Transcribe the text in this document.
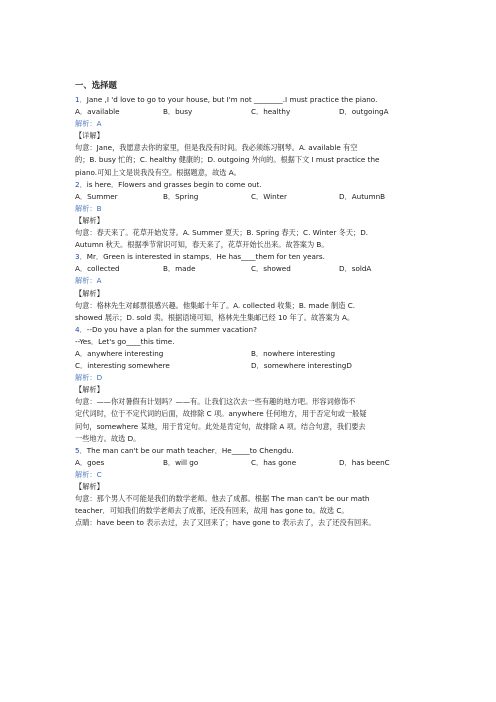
一、选择题
1．Jane ,I 'd love to go to your house, but I'm not ________.I must practice the piano.
A．available	B．busy	C．healthy	D．outgoingA
解析：A
【详解】
句意：Jane，我愿意去你的家里，但是我没有时间。我必须练习钢琴。A. available 有空
的；B. busy 忙的；C. healthy 健康的；D. outgoing 外向的。根据下文 I must practice the
piano.可知上文是说我没有空。根据题意，故选 A。
2．is here．Flowers and grasses begin to come out.
A．Summer	B．Spring	C．Winter	D．AutumnB
解析：B
【解析】
句意：春天来了。花草开始发芽。A. Summer 夏天；B. Spring 春天；C. Winter 冬天；D.
Autumn 秋天。根据季节常识可知，春天来了，花草开始长出来。故答案为 B。
3．Mr．Green is interested in stamps．He has____them for ten years.
A．collected	B．made	C．showed	D．soldA
解析：A
【解析】
句意：格林先生对邮票很感兴趣。他集邮十年了。A. collected 收集；B. made 制造 C.
showed 展示；D. sold 卖。根据语境可知，格林先生集邮已经 10 年了。故答案为 A。
4．--Do you have a plan for the summer vacation?
--Yes．Let's go____this time.
A．anywhere interesting	B．nowhere interesting
C．interesting somewhere	D．somewhere interestingD
解析：D
【解析】
句意：——你对暑假有计划吗？——有。让我们这次去一些有趣的地方吧。形容词修饰不
定代词时，位于不定代词的后面，故排除 C 项。anywhere 任何地方，用于否定句或一般疑
问句，somewhere 某地，用于肯定句。此处是肯定句，故排除 A 项。结合句意，我们要去
一些地方。故选 D。
5．The man can't be our math teacher．He_____to Chengdu.
A．goes	B．will go	C．has gone	D．has beenC
解析：C
【解析】
句意：那个男人不可能是我们的数学老师。他去了成都。根据 The man can't be our math
teacher．可知我们的数学老师去了成都，还没有回来，故用 has gone to。故选 C。
点睛：have been to 表示去过，去了又回来了；have gone to 表示去了，去了还没有回来。
